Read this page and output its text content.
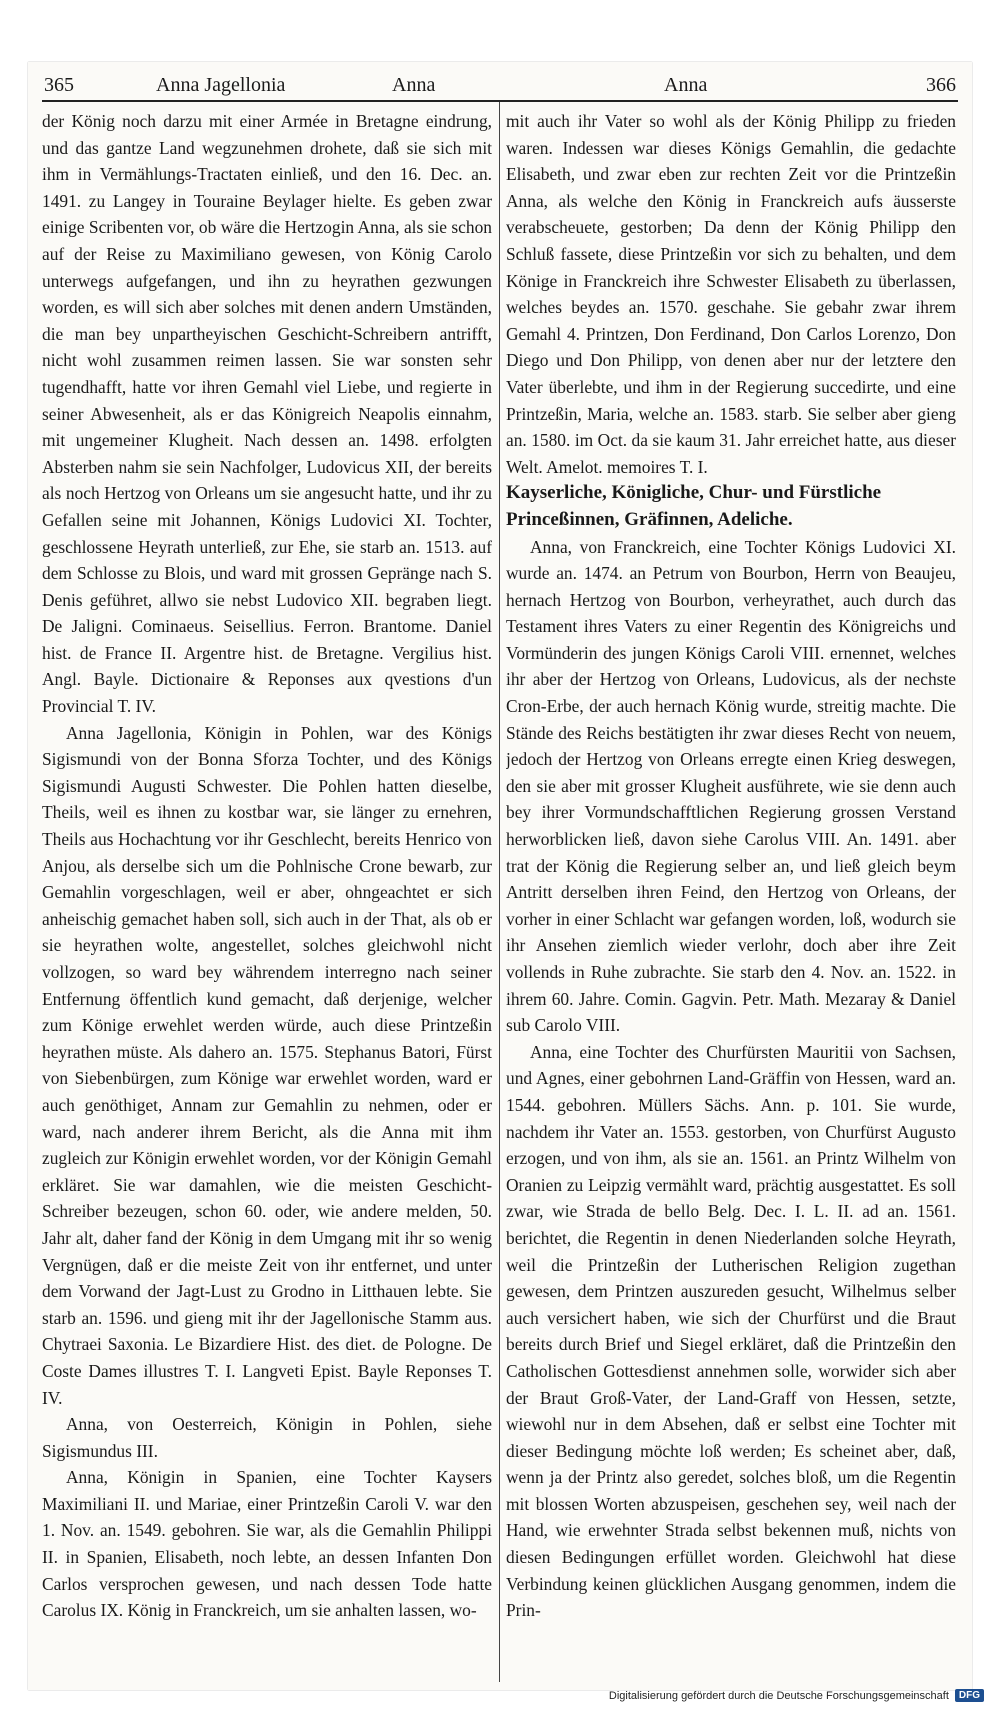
365	Anna Jagellonia	Anna	Anna	366

der König noch darzu mit einer Armée in Bretagne eindrung, und das gantze Land wegzunehmen drohete, daß sie sich mit ihm in Vermählungs-Tractaten einließ, und den 16. Dec. an. 1491. zu Langey in Touraine Beylager hielte. Es geben zwar einige Scribenten vor, ob wäre die Hertzogin Anna, als sie schon auf der Reise zu Maximiliano gewesen, von König Carolo unterwegs aufgefangen, und ihn zu heyrathen gezwungen worden, es will sich aber solches mit denen andern Umständen, die man bey unpartheyischen Geschicht-Schreibern antrifft, nicht wohl zusammen reimen lassen. Sie war sonsten sehr tugendhafft, hatte vor ihren Gemahl viel Liebe, und regierte in seiner Abwesenheit, als er das Königreich Neapolis einnahm, mit ungemeiner Klugheit. Nach dessen an. 1498. erfolgten Absterben nahm sie sein Nachfolger, Ludovicus XII, der bereits als noch Hertzog von Orleans um sie angesucht hatte, und ihr zu Gefallen seine mit Johannen, Königs Ludovici XI. Tochter, geschlossene Heyrath unterließ, zur Ehe, sie starb an. 1513. auf dem Schlosse zu Blois, und ward mit grossen Gepränge nach S. Denis geführet, allwo sie nebst Ludovico XII. begraben liegt. De Jaligni. Cominaeus. Seisellius. Ferron. Brantome. Daniel hist. de France II. Argentre hist. de Bretagne. Vergilius hist. Angl. Bayle. Dictionaire & Reponses aux qvestions d'un Provincial T. IV.

Anna Jagellonia, Königin in Pohlen, war des Königs Sigismundi von der Bonna Sforza Tochter, und des Königs Sigismundi Augusti Schwester. Die Pohlen hatten dieselbe, Theils, weil es ihnen zu kostbar war, sie länger zu ernehren, Theils aus Hochachtung vor ihr Geschlecht, bereits Henrico von Anjou, als derselbe sich um die Pohlnische Crone bewarb, zur Gemahlin vorgeschlagen, weil er aber, ohngeachtet er sich anheischig gemachet haben soll, sich auch in der That, als ob er sie heyrathen wolte, angestellet, solches gleichwohl nicht vollzogen, so ward bey währendem interregno nach seiner Entfernung öffentlich kund gemacht, daß derjenige, welcher zum Könige erwehlet werden würde, auch diese Printzeßin heyrathen müste. Als dahero an. 1575. Stephanus Batori, Fürst von Siebenbürgen, zum Könige war erwehlet worden, ward er auch genöthiget, Annam zur Gemahlin zu nehmen, oder er ward, nach anderer ihrem Bericht, als die Anna mit ihm zugleich zur Königin erwehlet worden, vor der Königin Gemahl erkläret. Sie war damahlen, wie die meisten Geschicht-Schreiber bezeugen, schon 60. oder, wie andere melden, 50. Jahr alt, daher fand der König in dem Umgang mit ihr so wenig Vergnügen, daß er die meiste Zeit von ihr entfernet, und unter dem Vorwand der Jagt-Lust zu Grodno in Litthauen lebte. Sie starb an. 1596. und gieng mit ihr der Jagellonische Stamm aus. Chytraei Saxonia. Le Bizardiere Hist. des diet. de Pologne. De Coste Dames illustres T. I. Langveti Epist. Bayle Reponses T. IV.

Anna, von Oesterreich, Königin in Pohlen, siehe Sigismundus III.

Anna, Königin in Spanien, eine Tochter Kaysers Maximiliani II. und Mariae, einer Printzeßin Caroli V. war den 1. Nov. an. 1549. gebohren. Sie war, als die Gemahlin Philippi II. in Spanien, Elisabeth, noch lebte, an dessen Infanten Don Carlos versprochen gewesen, und nach dessen Tode hatte Carolus IX. König in Franckreich, um sie anhalten lassen, wo-

mit auch ihr Vater so wohl als der König Philipp zu frieden waren. Indessen war dieses Königs Gemahlin, die gedachte Elisabeth, und zwar eben zur rechten Zeit vor die Printzeßin Anna, als welche den König in Franckreich aufs äusserste verabscheuete, gestorben; Da denn der König Philipp den Schluß fassete, diese Printzeßin vor sich zu behalten, und dem Könige in Franckreich ihre Schwester Elisabeth zu überlassen, welches beydes an. 1570. geschahe. Sie gebahr zwar ihrem Gemahl 4. Printzen, Don Ferdinand, Don Carlos Lorenzo, Don Diego und Don Philipp, von denen aber nur der letztere den Vater überlebte, und ihm in der Regierung succedirte, und eine Printzeßin, Maria, welche an. 1583. starb. Sie selber aber gieng an. 1580. im Oct. da sie kaum 31. Jahr erreichet hatte, aus dieser Welt. Amelot. memoires T. I.

Kayserliche, Königliche, Chur- und Fürstliche Princeßinnen, Gräfinnen, Adeliche.

Anna, von Franckreich, eine Tochter Königs Ludovici XI. wurde an. 1474. an Petrum von Bourbon, Herrn von Beaujeu, hernach Hertzog von Bourbon, verheyrathet, auch durch das Testament ihres Vaters zu einer Regentin des Königreichs und Vormünderin des jungen Königs Caroli VIII. ernennet, welches ihr aber der Hertzog von Orleans, Ludovicus, als der nechste Cron-Erbe, der auch hernach König wurde, streitig machte. Die Stände des Reichs bestätigten ihr zwar dieses Recht von neuem, jedoch der Hertzog von Orleans erregte einen Krieg deswegen, den sie aber mit grosser Klugheit ausführete, wie sie denn auch bey ihrer Vormundschafftlichen Regierung grossen Verstand herworblicken ließ, davon siehe Carolus VIII. An. 1491. aber trat der König die Regierung selber an, und ließ gleich beym Antritt derselben ihren Feind, den Hertzog von Orleans, der vorher in einer Schlacht war gefangen worden, loß, wodurch sie ihr Ansehen ziemlich wieder verlohr, doch aber ihre Zeit vollends in Ruhe zubrachte. Sie starb den 4. Nov. an. 1522. in ihrem 60. Jahre. Comin. Gagvin. Petr. Math. Mezaray & Daniel sub Carolo VIII.

Anna, eine Tochter des Churfürsten Mauritii von Sachsen, und Agnes, einer gebohrnen Land-Gräffin von Hessen, ward an. 1544. gebohren. Müllers Sächs. Ann. p. 101. Sie wurde, nachdem ihr Vater an. 1553. gestorben, von Churfürst Augusto erzogen, und von ihm, als sie an. 1561. an Printz Wilhelm von Oranien zu Leipzig vermählt ward, prächtig ausgestattet. Es soll zwar, wie Strada de bello Belg. Dec. I. L. II. ad an. 1561. berichtet, die Regentin in denen Niederlanden solche Heyrath, weil die Printzeßin der Lutherischen Religion zugethan gewesen, dem Printzen auszureden gesucht, Wilhelmus selber auch versichert haben, wie sich der Churfürst und die Braut bereits durch Brief und Siegel erkläret, daß die Printzeßin den Catholischen Gottesdienst annehmen solle, worwider sich aber der Braut Groß-Vater, der Land-Graff von Hessen, setzte, wiewohl nur in dem Absehen, daß er selbst eine Tochter mit dieser Bedingung möchte loß werden; Es scheinet aber, daß, wenn ja der Printz also geredet, solches bloß, um die Regentin mit blossen Worten abzuspeisen, geschehen sey, weil nach der Hand, wie erwehnter Strada selbst bekennen muß, nichts von diesen Bedingungen erfüllet worden. Gleichwohl hat diese Verbindung keinen glücklichen Ausgang genommen, indem die Prin-

Digitalisierung gefördert durch die Deutsche Forschungsgemeinschaft	DFG
